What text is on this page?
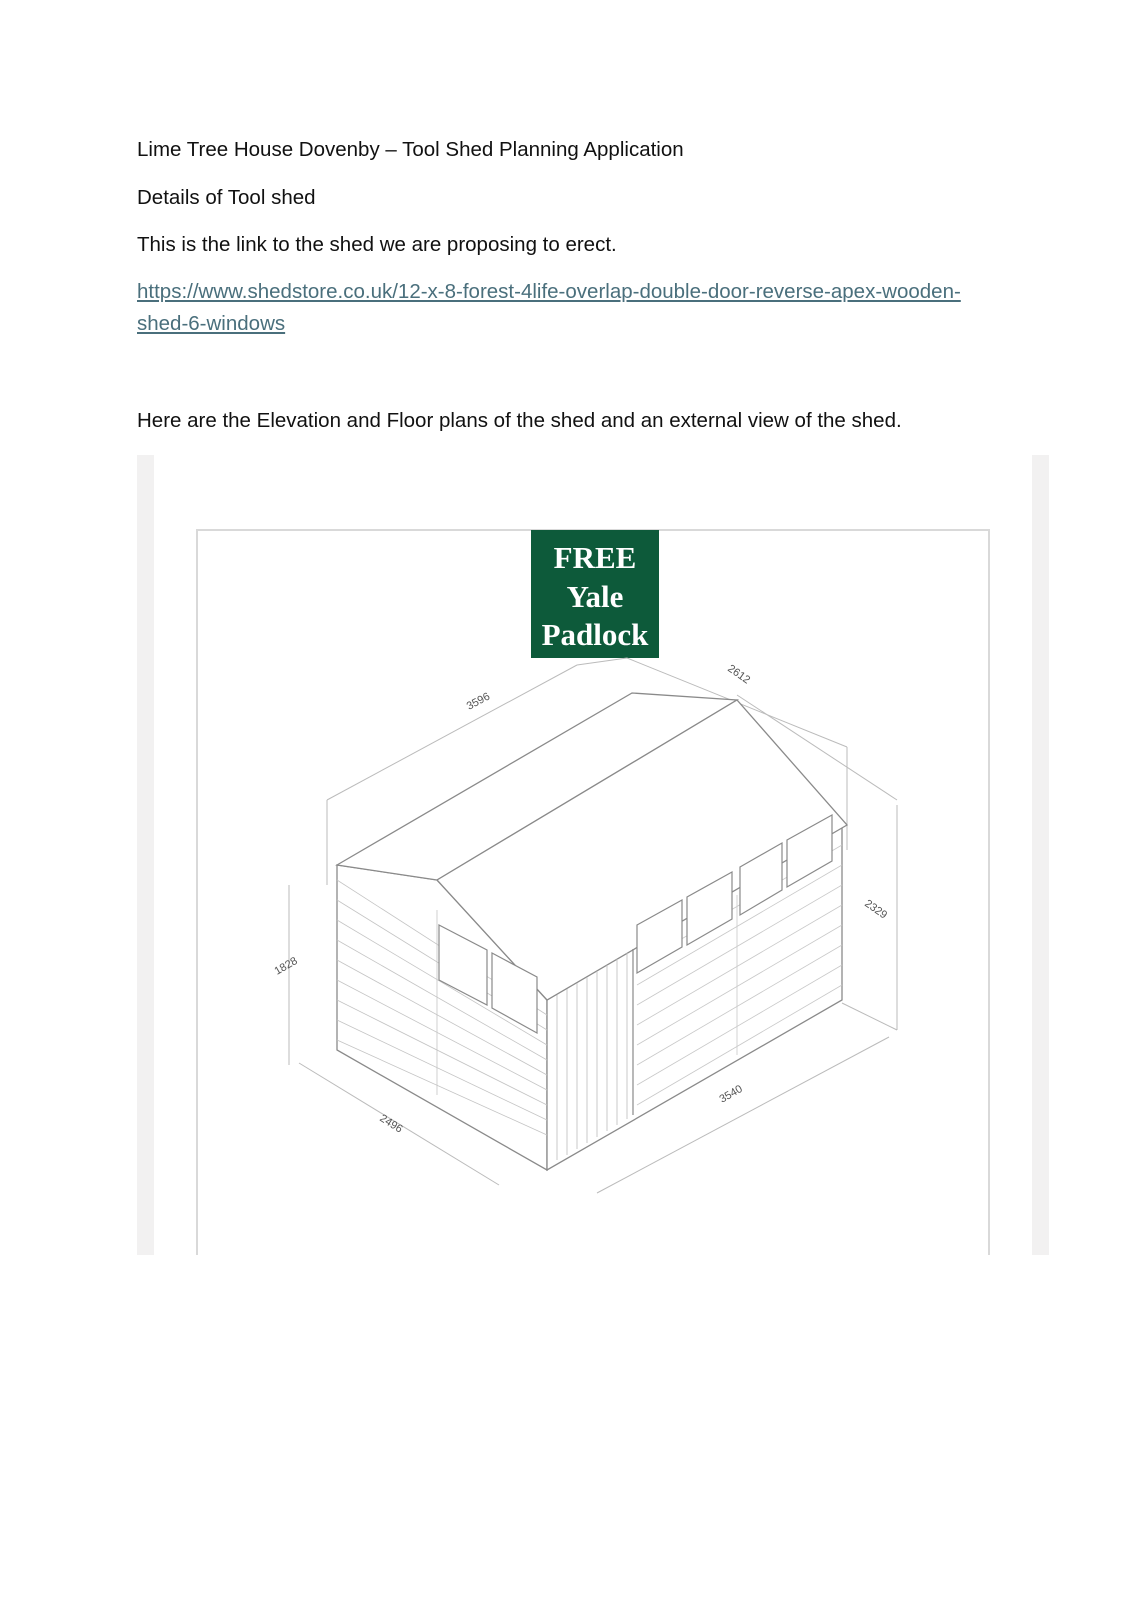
Lime Tree House Dovenby – Tool Shed Planning Application

Details of Tool shed

This is the link to the shed we are proposing to erect.

https://www.shedstore.co.uk/12-x-8-forest-4life-overlap-double-door-reverse-apex-wooden-shed-6-windows

Here are the Elevation and Floor plans of the shed and an external view of the shed.

FREE
Yale
Padlock
3596
2612
1828
2329
2496
3540
